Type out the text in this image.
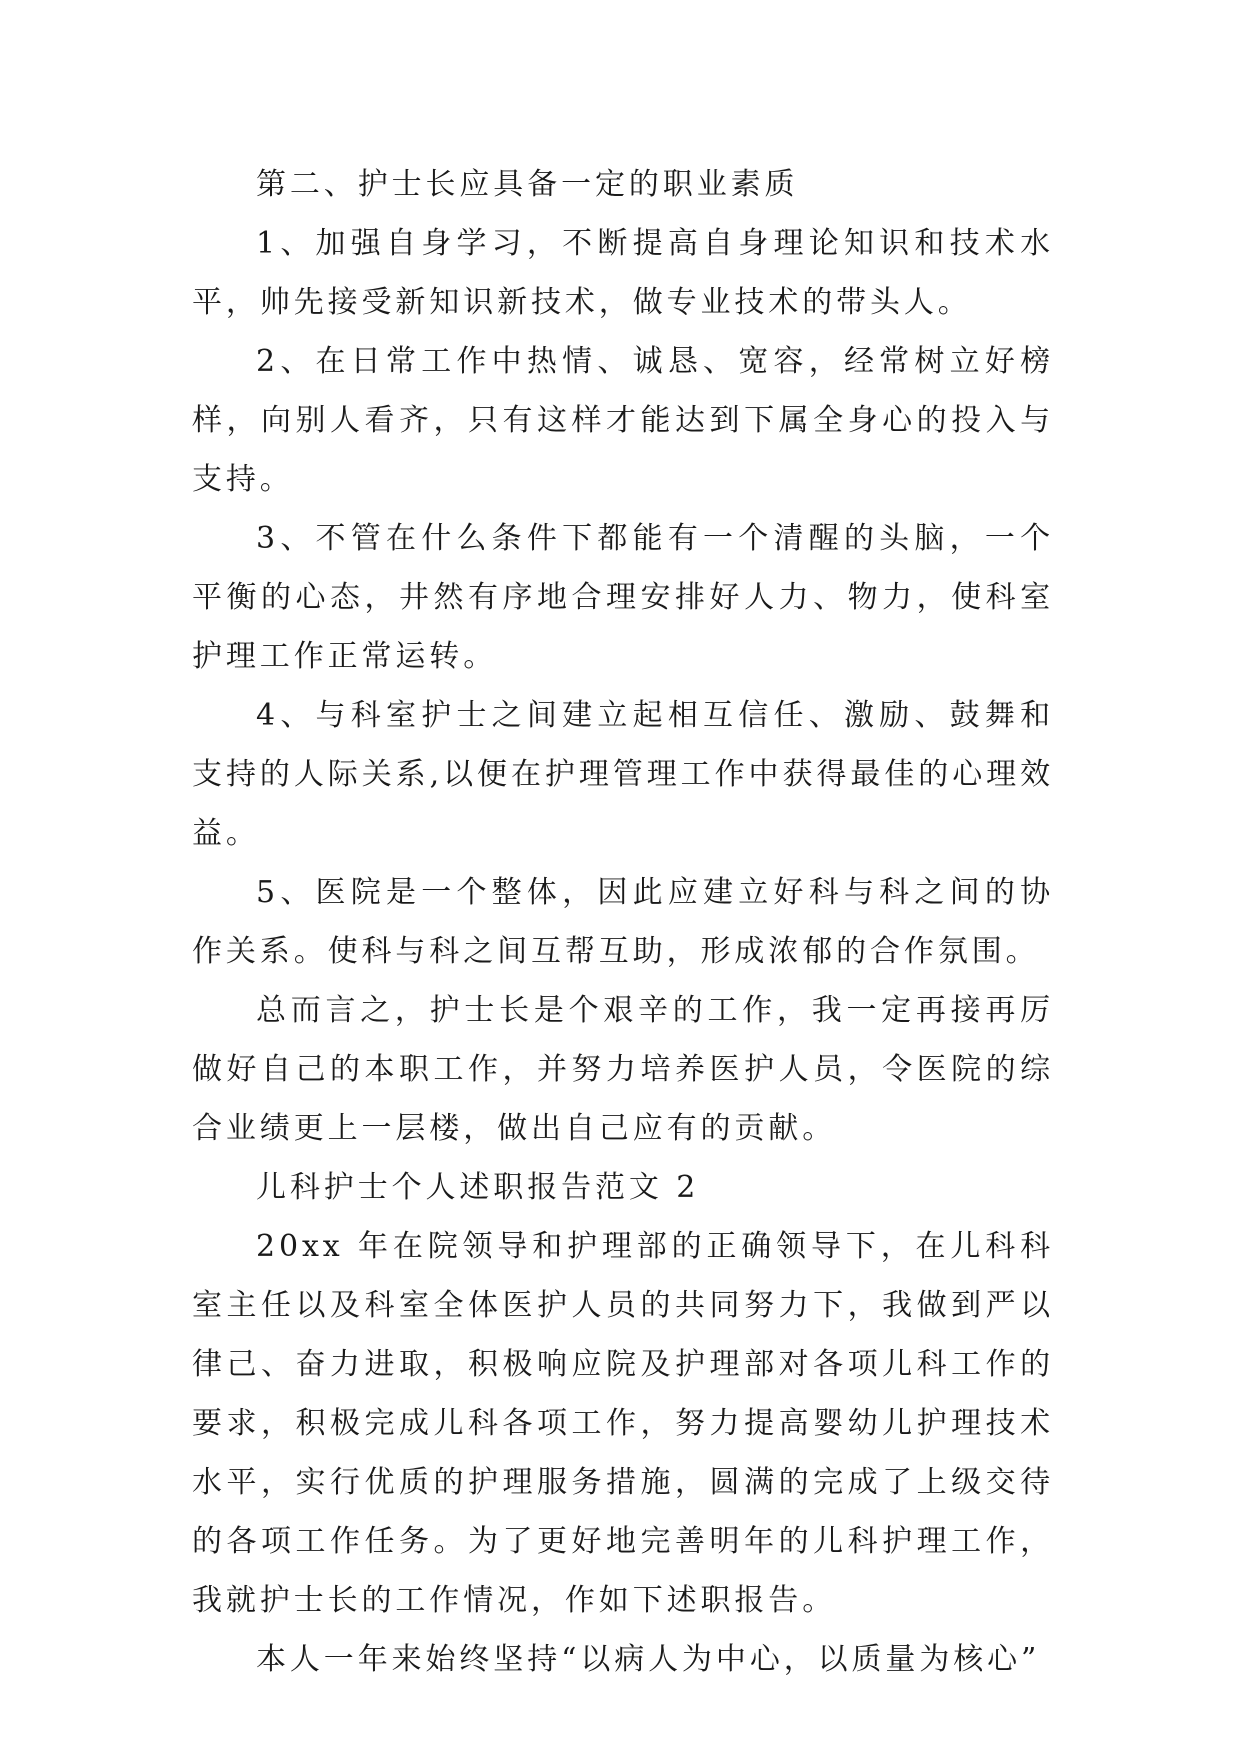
第二、护士长应具备一定的职业素质

1、加强自身学习，不断提高自身理论知识和技术水平，帅先接受新知识新技术，做专业技术的带头人。

2、在日常工作中热情、诚恳、宽容，经常树立好榜样，向别人看齐，只有这样才能达到下属全身心的投入与支持。

3、不管在什么条件下都能有一个清醒的头脑，一个平衡的心态，井然有序地合理安排好人力、物力，使科室护理工作正常运转。

4、与科室护士之间建立起相互信任、激励、鼓舞和支持的人际关系,以便在护理管理工作中获得最佳的心理效益。

5、医院是一个整体，因此应建立好科与科之间的协作关系。使科与科之间互帮互助，形成浓郁的合作氛围。

总而言之，护士长是个艰辛的工作，我一定再接再厉做好自己的本职工作，并努力培养医护人员，令医院的综合业绩更上一层楼，做出自己应有的贡献。

儿科护士个人述职报告范文 2

20xx 年在院领导和护理部的正确领导下，在儿科科室主任以及科室全体医护人员的共同努力下，我做到严以律己、奋力进取，积极响应院及护理部对各项儿科工作的要求，积极完成儿科各项工作，努力提高婴幼儿护理技术水平，实行优质的护理服务措施，圆满的完成了上级交待的各项工作任务。为了更好地完善明年的儿科护理工作，我就护士长的工作情况，作如下述职报告。

本人一年来始终坚持“以病人为中心，以质量为核心”
